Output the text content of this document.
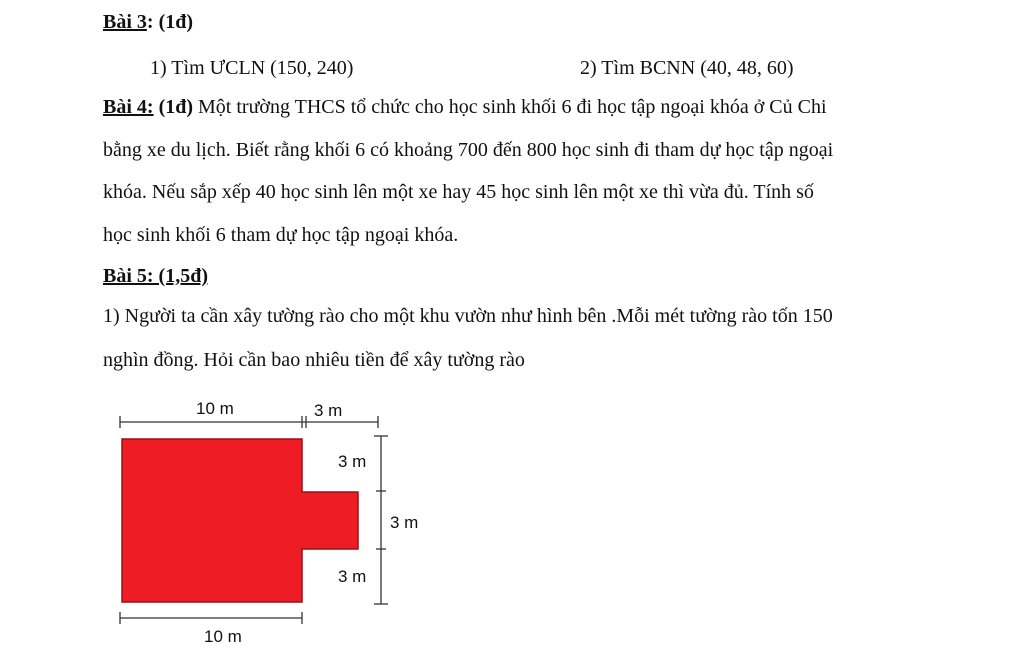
Bài 3: (1đ)
1) Tìm ƯCLN (150, 240)	2) Tìm BCNN (40, 48, 60)
Bài 4: (1đ) Một trường THCS tổ chức cho học sinh khối 6 đi học tập ngoại khóa ở Củ Chi
bằng xe du lịch. Biết rằng khối 6 có khoảng 700 đến 800 học sinh đi tham dự học tập ngoại
khóa. Nếu sắp xếp 40 học sinh lên một xe hay 45 học sinh lên một xe thì vừa đủ. Tính số
học sinh khối 6 tham dự học tập ngoại khóa.
Bài 5: (1,5đ)
1) Người ta cần xây tường rào cho một khu vườn như hình bên .Mỗi mét tường rào tốn 150
nghìn đồng. Hỏi cần bao nhiêu tiền để xây tường rào
10 m	3 m
3 m
3 m
3 m
10 m
